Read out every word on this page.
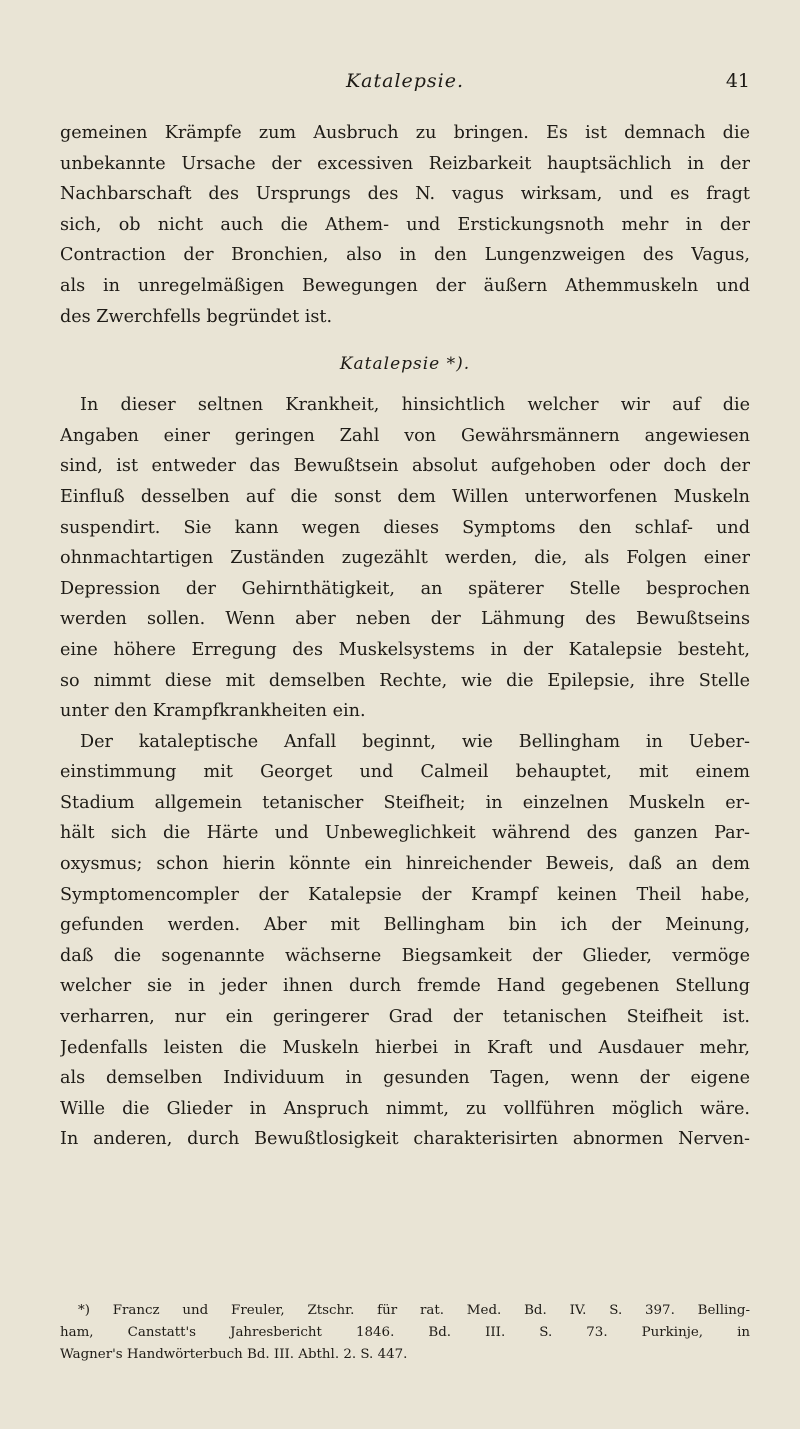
Katalepsie.	41
gemeinen Krämpfe zum Ausbruch zu bringen. Es ist demnach die
unbekannte Ursache der excessiven Reizbarkeit hauptsächlich in der
Nachbarschaft des Ursprungs des N. vagus wirksam, und es fragt
sich, ob nicht auch die Athem- und Erstickungsnoth mehr in der
Contraction der Bronchien, also in den Lungenzweigen des Vagus,
als in unregelmäßigen Bewegungen der äußern Athemmuskeln und
des Zwerchfells begründet ist.
Katalepsie *).
In dieser seltnen Krankheit, hinsichtlich welcher wir auf die
Angaben einer geringen Zahl von Gewährsmännern angewiesen
sind, ist entweder das Bewußtsein absolut aufgehoben oder doch der
Einfluß desselben auf die sonst dem Willen unterworfenen Muskeln
suspendirt. Sie kann wegen dieses Symptoms den schlaf- und
ohnmachtartigen Zuständen zugezählt werden, die, als Folgen einer
Depression der Gehirnthätigkeit, an späterer Stelle besprochen
werden sollen. Wenn aber neben der Lähmung des Bewußtseins
eine höhere Erregung des Muskelsystems in der Katalepsie besteht,
so nimmt diese mit demselben Rechte, wie die Epilepsie, ihre Stelle
unter den Krampfkrankheiten ein.
Der kataleptische Anfall beginnt, wie Bellingham in Ueber-
einstimmung mit Georget und Calmeil behauptet, mit einem
Stadium allgemein tetanischer Steifheit; in einzelnen Muskeln er-
hält sich die Härte und Unbeweglichkeit während des ganzen Par-
oxysmus; schon hierin könnte ein hinreichender Beweis, daß an dem
Symptomencompler der Katalepsie der Krampf keinen Theil habe,
gefunden werden. Aber mit Bellingham bin ich der Meinung,
daß die sogenannte wächserne Biegsamkeit der Glieder, vermöge
welcher sie in jeder ihnen durch fremde Hand gegebenen Stellung
verharren, nur ein geringerer Grad der tetanischen Steifheit ist.
Jedenfalls leisten die Muskeln hierbei in Kraft und Ausdauer mehr,
als demselben Individuum in gesunden Tagen, wenn der eigene
Wille die Glieder in Anspruch nimmt, zu vollführen möglich wäre.
In anderen, durch Bewußtlosigkeit charakterisirten abnormen Nerven-
*) Francz und Freuler, Ztschr. für rat. Med. Bd. IV. S. 397. Belling-
ham, Canstatt's Jahresbericht 1846. Bd. III. S. 73. Purkinje, in
Wagner's Handwörterbuch Bd. III. Abthl. 2. S. 447.
